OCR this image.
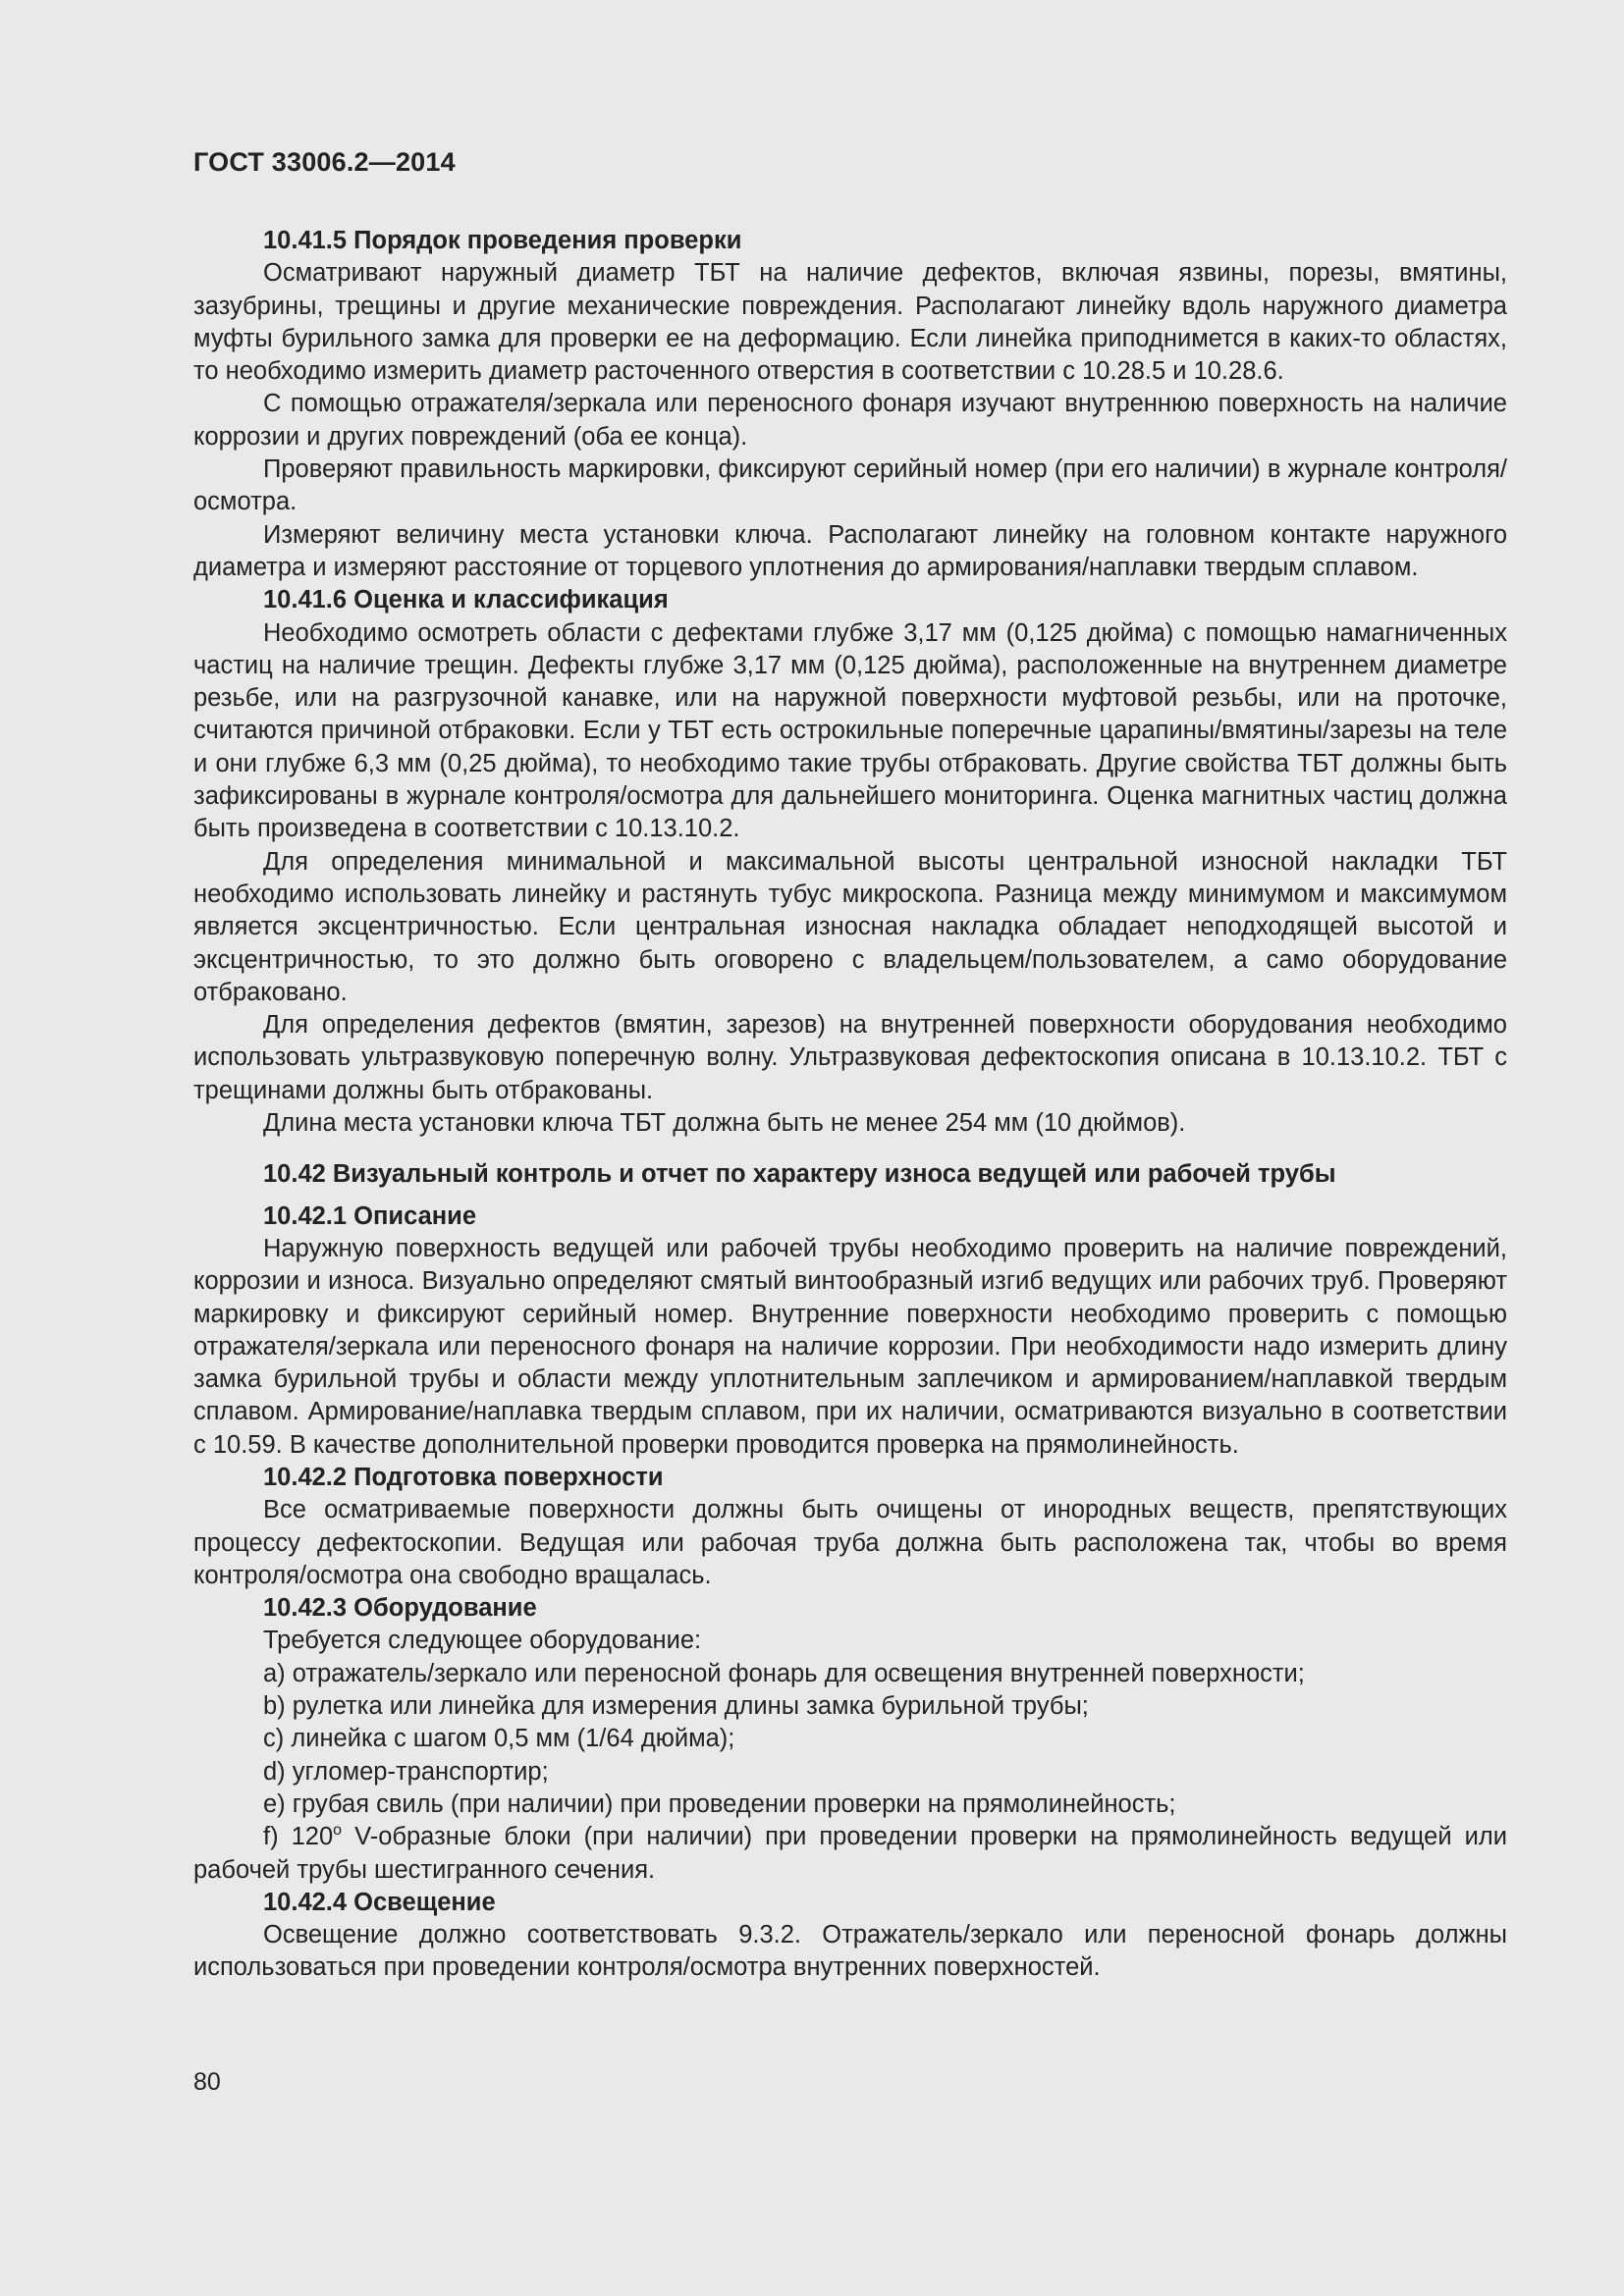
ГОСТ 33006.2—2014

10.41.5 Порядок проведения проверки

Осматривают наружный диаметр ТБТ на наличие дефектов, включая язвины, порезы, вмятины, зазубрины, трещины и другие механические повреждения. Располагают линейку вдоль наружного диаметра муфты бурильного замка для проверки ее на деформацию. Если линейка приподнимется в каких-то областях, то необходимо измерить диаметр расточенного отверстия в соответствии с 10.28.5 и 10.28.6.

С помощью отражателя/зеркала или переносного фонаря изучают внутреннюю поверхность на наличие коррозии и других повреждений (оба ее конца).

Проверяют правильность маркировки, фиксируют серийный номер (при его наличии) в журнале контроля/осмотра.

Измеряют величину места установки ключа. Располагают линейку на головном контакте наружного диаметра и измеряют расстояние от торцевого уплотнения до армирования/наплавки твердым сплавом.

10.41.6 Оценка и классификация

Необходимо осмотреть области с дефектами глубже 3,17 мм (0,125 дюйма) с помощью намагниченных частиц на наличие трещин. Дефекты глубже 3,17 мм (0,125 дюйма), расположенные на внутреннем диаметре резьбе, или на разгрузочной канавке, или на наружной поверхности муфтовой резьбы, или на проточке, считаются причиной отбраковки. Если у ТБТ есть острокильные поперечные царапины/вмятины/зарезы на теле и они глубже 6,3 мм (0,25 дюйма), то необходимо такие трубы отбраковать. Другие свойства ТБТ должны быть зафиксированы в журнале контроля/осмотра для дальнейшего мониторинга. Оценка магнитных частиц должна быть произведена в соответствии с 10.13.10.2.

Для определения минимальной и максимальной высоты центральной износной накладки ТБТ необходимо использовать линейку и растянуть тубус микроскопа. Разница между минимумом и максимумом является эксцентричностью. Если центральная износная накладка обладает неподходящей высотой и эксцентричностью, то это должно быть оговорено с владельцем/пользователем, а само оборудование отбраковано.

Для определения дефектов (вмятин, зарезов) на внутренней поверхности оборудования необходимо использовать ультразвуковую поперечную волну. Ультразвуковая дефектоскопия описана в 10.13.10.2. ТБТ с трещинами должны быть отбракованы.

Длина места установки ключа ТБТ должна быть не менее 254 мм (10 дюймов).

10.42 Визуальный контроль и отчет по характеру износа ведущей или рабочей трубы

10.42.1 Описание

Наружную поверхность ведущей или рабочей трубы необходимо проверить на наличие повреждений, коррозии и износа. Визуально определяют смятый винтообразный изгиб ведущих или рабочих труб. Проверяют маркировку и фиксируют серийный номер. Внутренние поверхности необходимо проверить с помощью отражателя/зеркала или переносного фонаря на наличие коррозии. При необходимости надо измерить длину замка бурильной трубы и области между уплотнительным заплечиком и армированием/наплавкой твердым сплавом. Армирование/наплавка твердым сплавом, при их наличии, осматриваются визуально в соответствии с 10.59. В качестве дополнительной проверки проводится проверка на прямолинейность.

10.42.2 Подготовка поверхности

Все осматриваемые поверхности должны быть очищены от инородных веществ, препятствующих процессу дефектоскопии. Ведущая или рабочая труба должна быть расположена так, чтобы во время контроля/осмотра она свободно вращалась.

10.42.3 Оборудование

Требуется следующее оборудование:

a) отражатель/зеркало или переносной фонарь для освещения внутренней поверхности;

b) рулетка или линейка для измерения длины замка бурильной трубы;

c) линейка с шагом 0,5 мм (1/64 дюйма);

d) угломер-транспортир;

e) грубая свиль (при наличии) при проведении проверки на прямолинейность;

f) $120^о$ V-образные блоки (при наличии) при проведении проверки на прямолинейность ведущей или рабочей трубы шестигранного сечения.

10.42.4 Освещение

Освещение должно соответствовать 9.3.2. Отражатель/зеркало или переносной фонарь должны использоваться при проведении контроля/осмотра внутренних поверхностей.

80
